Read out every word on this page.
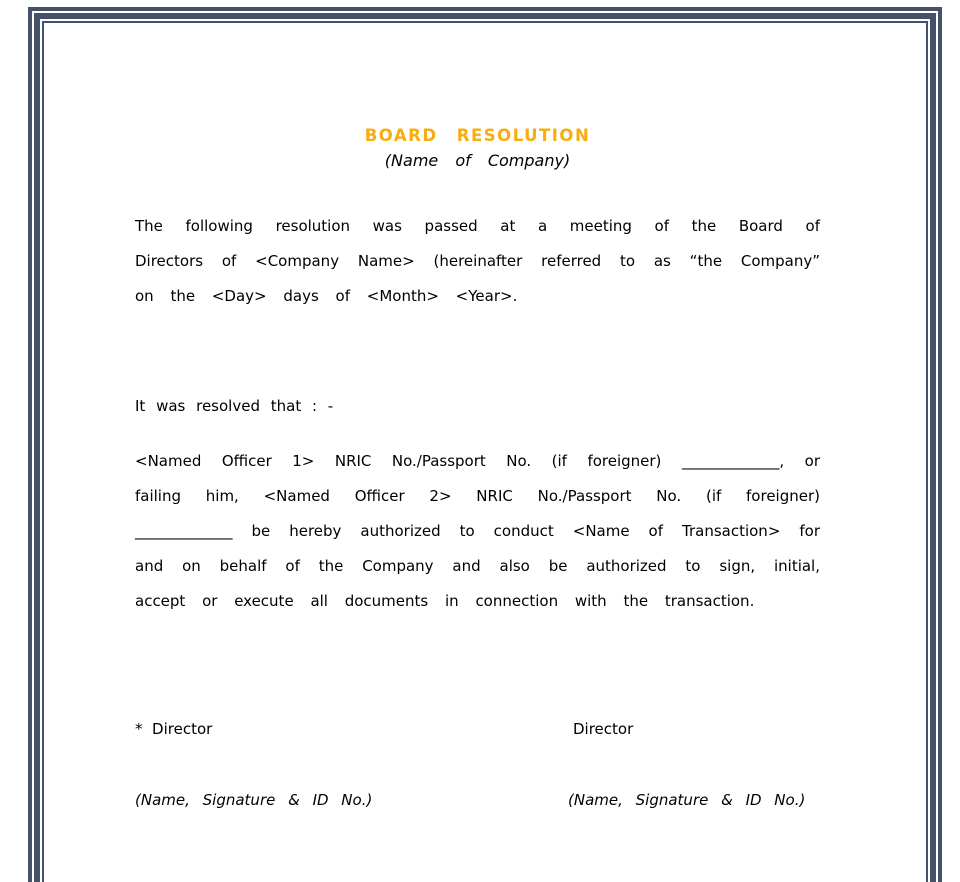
BOARD RESOLUTION
(Name of Company)

The following resolution was passed at a meeting of the Board of Directors of <Company Name> (hereinafter referred to as “the Company” on the <Day> days of <Month> <Year>.

It was resolved that : -

<Named Officer 1> NRIC No./Passport No. (if foreigner) _____________, or failing him, <Named Officer 2> NRIC No./Passport No. (if foreigner) _____________ be hereby authorized to conduct <Name of Transaction> for and on behalf of the Company and also be authorized to sign, initial, accept or execute all documents in connection with the transaction.

*  Director	Director
(Name, Signature & ID No.)	(Name, Signature & ID No.)
